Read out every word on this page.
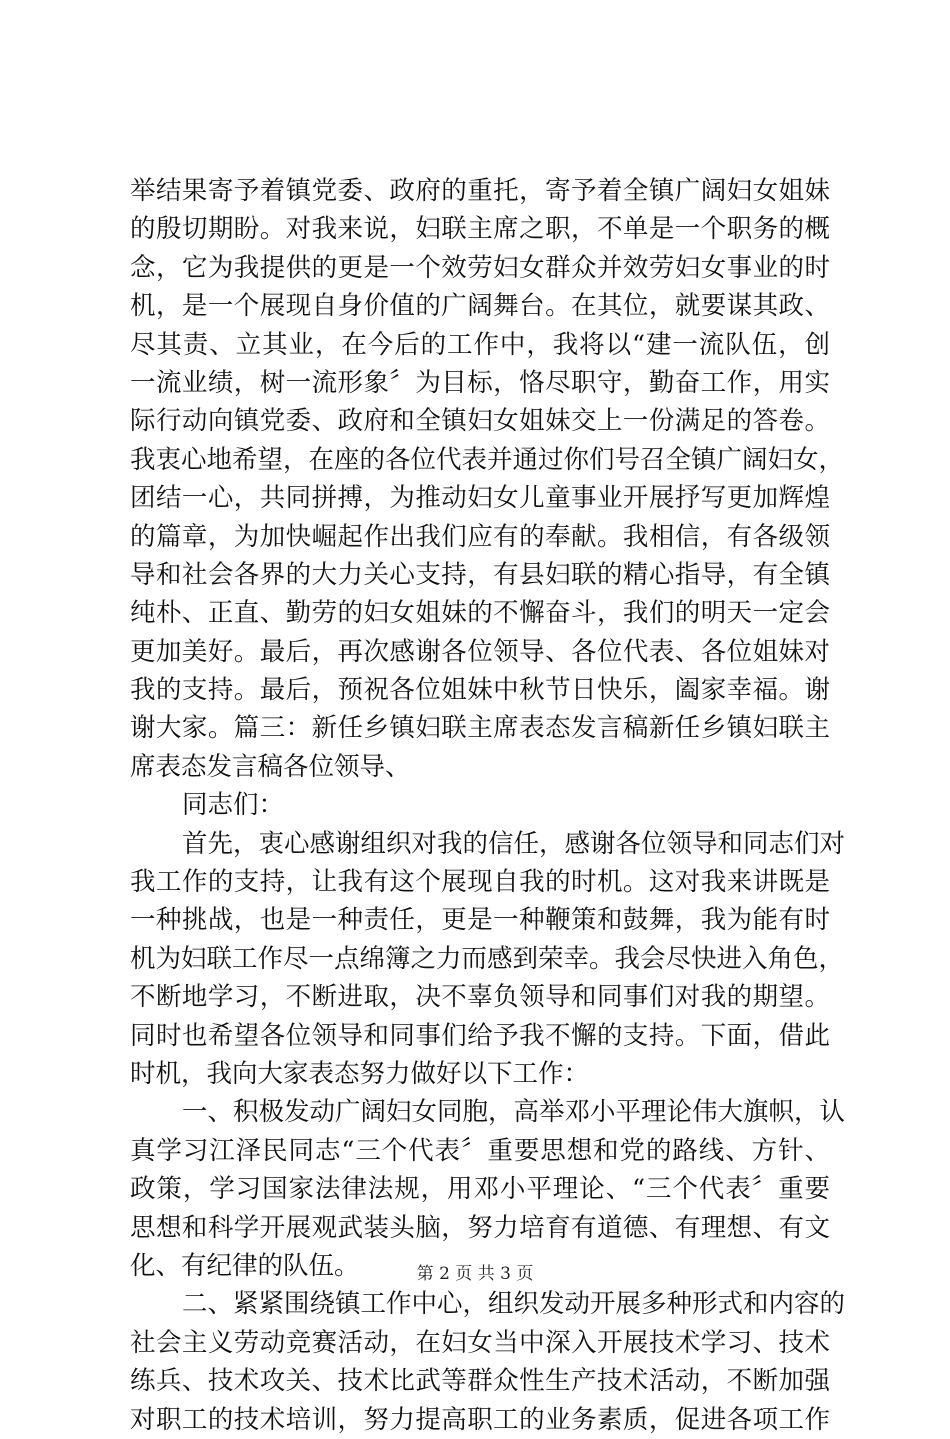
举结果寄予着镇党委、政府的重托，寄予着全镇广阔妇女姐妹
的殷切期盼。对我来说，妇联主席之职，不单是一个职务的概
念，它为我提供的更是一个效劳妇女群众并效劳妇女事业的时
机，是一个展现自身价值的广阔舞台。在其位，就要谋其政、
尽其责、立其业，在今后的工作中，我将以“建一流队伍，创
一流业绩，树一流形象〞为目标，恪尽职守，勤奋工作，用实
际行动向镇党委、政府和全镇妇女姐妹交上一份满足的答卷。
我衷心地希望，在座的各位代表并通过你们号召全镇广阔妇女，
团结一心，共同拼搏，为推动妇女儿童事业开展抒写更加辉煌
的篇章，为加快崛起作出我们应有的奉献。我相信，有各级领
导和社会各界的大力关心支持，有县妇联的精心指导，有全镇
纯朴、正直、勤劳的妇女姐妹的不懈奋斗，我们的明天一定会
更加美好。最后，再次感谢各位领导、各位代表、各位姐妹对
我的支持。最后，预祝各位姐妹中秋节日快乐，阖家幸福。谢
谢大家。篇三：新任乡镇妇联主席表态发言稿新任乡镇妇联主
席表态发言稿各位领导、
同志们：
首先，衷心感谢组织对我的信任，感谢各位领导和同志们对
我工作的支持，让我有这个展现自我的时机。这对我来讲既是
一种挑战，也是一种责任，更是一种鞭策和鼓舞，我为能有时
机为妇联工作尽一点绵簿之力而感到荣幸。我会尽快进入角色，
不断地学习，不断进取，决不辜负领导和同事们对我的期望。
同时也希望各位领导和同事们给予我不懈的支持。下面，借此
时机，我向大家表态努力做好以下工作：
一、积极发动广阔妇女同胞，高举邓小平理论伟大旗帜，认
真学习江泽民同志“三个代表〞重要思想和党的路线、方针、
政策，学习国家法律法规，用邓小平理论、“三个代表〞重要
思想和科学开展观武装头脑，努力培育有道德、有理想、有文
化、有纪律的队伍。
二、紧紧围绕镇工作中心，组织发动开展多种形式和内容的
社会主义劳动竞赛活动，在妇女当中深入开展技术学习、技术
练兵、技术攻关、技术比武等群众性生产技术活动，不断加强
对职工的技术培训，努力提高职工的业务素质，促进各项工作
第 2 页 共 3 页
